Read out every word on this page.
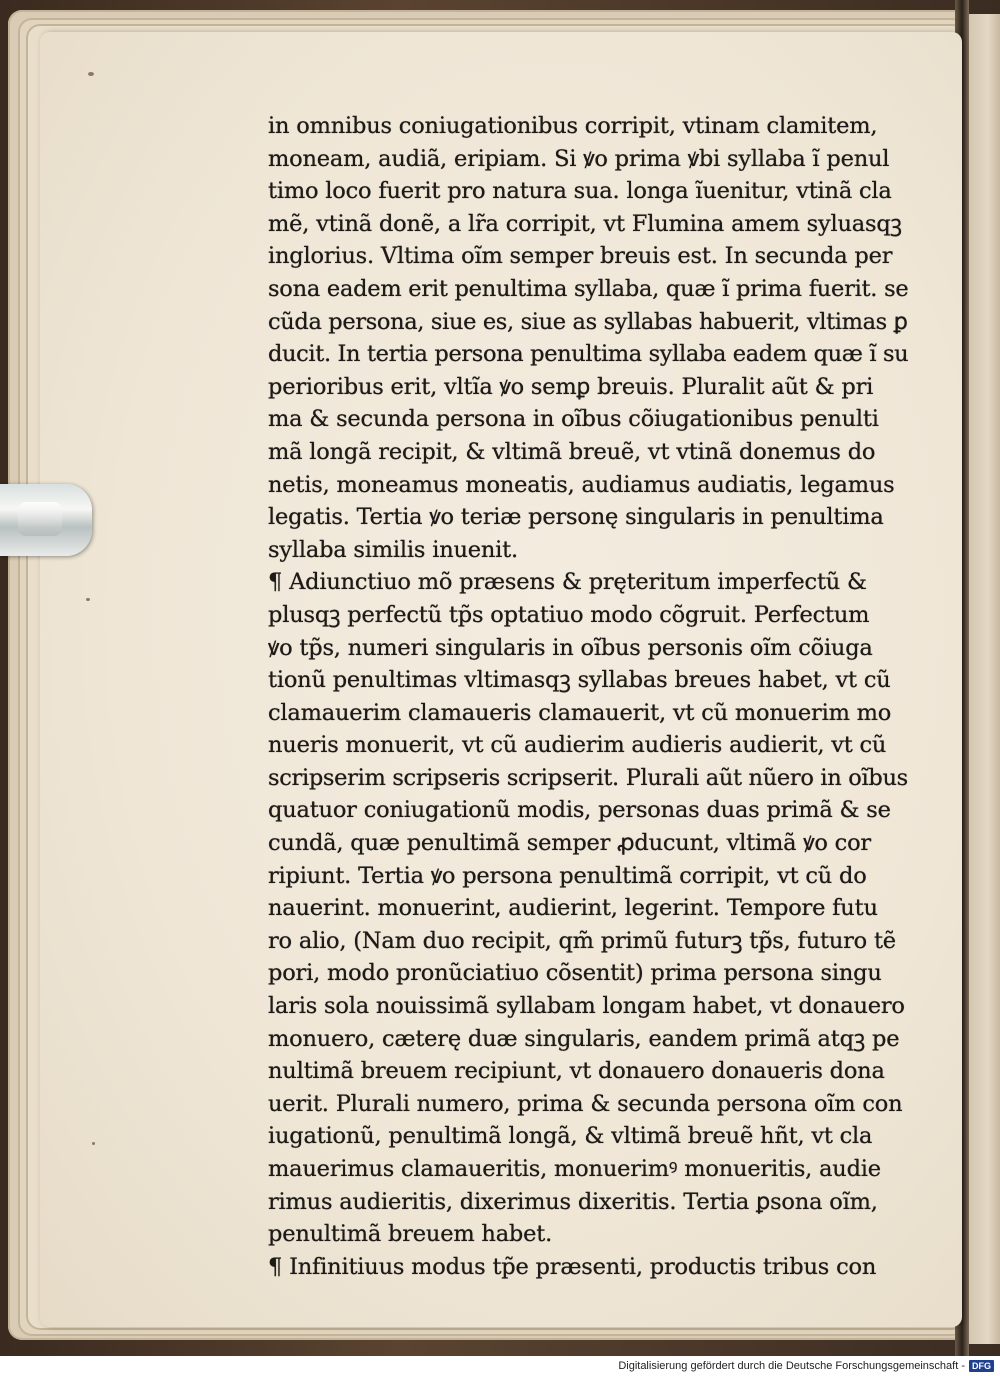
in omnibus coniugationibus corripit, vtinam clamitem,
moneam, audiã, eripiam. Si ꝟo prima ꝟbi syllaba ĩ penul
timo loco fuerit pro natura sua. longa ĩuenitur, vtinã cla
mẽ, vtinã donẽ, a lr̃a corripit, vt Flumina amem syluasqꝫ
inglorius. Vltima oĩm semper breuis est. In secunda per
sona eadem erit penultima syllaba, quæ ĩ prima fuerit. se
cũda persona, siue es, siue as syllabas habuerit, vltimas ꝑ
ducit. In tertia persona penultima syllaba eadem quæ ĩ su
perioribus erit, vltĩa ꝟo semꝑ breuis. Pluralit aũt & pri
ma & secunda persona in oĩbus cõiugationibus penulti
mã longã recipit, & vltimã breuẽ, vt vtinã donemus do
netis, moneamus moneatis, audiamus audiatis, legamus
legatis. Tertia ꝟo teriæ personę singularis in penultima
syllaba similis inuenit.
¶ Adiunctiuo mõ præsens & pręteritum imperfectũ &
plusqꝫ perfectũ tp̃s optatiuo modo cõgruit. Perfectum
ꝟo tp̃s, numeri singularis in oĩbus personis oĩm cõiuga
tionũ penultimas vltimasqꝫ syllabas breues habet, vt cũ
clamauerim clamaueris clamauerit, vt cũ monuerim mo
nueris monuerit, vt cũ audierim audieris audierit, vt cũ
scripserim scripseris scripserit. Plurali aũt nũero in oĩbus
quatuor coniugationũ modis, personas duas primã & se
cundã, quæ penultimã semper ꝓducunt, vltimã ꝟo cor
ripiunt. Tertia ꝟo persona penultimã corripit, vt cũ do
nauerint. monuerint, audierint, legerint. Tempore futu
ro alio, (Nam duo recipit, qm̃ primũ futurꝫ tp̃s, futuro tẽ
pori, modo pronũciatiuo cõsentit) prima persona singu
laris sola nouissimã syllabam longam habet, vt donauero
monuero, cæterę duæ singularis, eandem primã atqꝫ pe
nultimã breuem recipiunt, vt donauero donaueris dona
uerit. Plurali numero, prima & secunda persona oĩm con
iugationũ, penultimã longã, & vltimã breuẽ hñt, vt cla
mauerimus clamaueritis, monuerimꝰ monueritis, audie
rimus audieritis, dixerimus dixeritis. Tertia ꝑsona oĩm,
penultimã breuem habet.
¶ Infinitiuus modus tp̃e præsenti, productis tribus con
Digitalisierung gefördert durch die Deutsche Forschungsgemeinschaft - DFG
